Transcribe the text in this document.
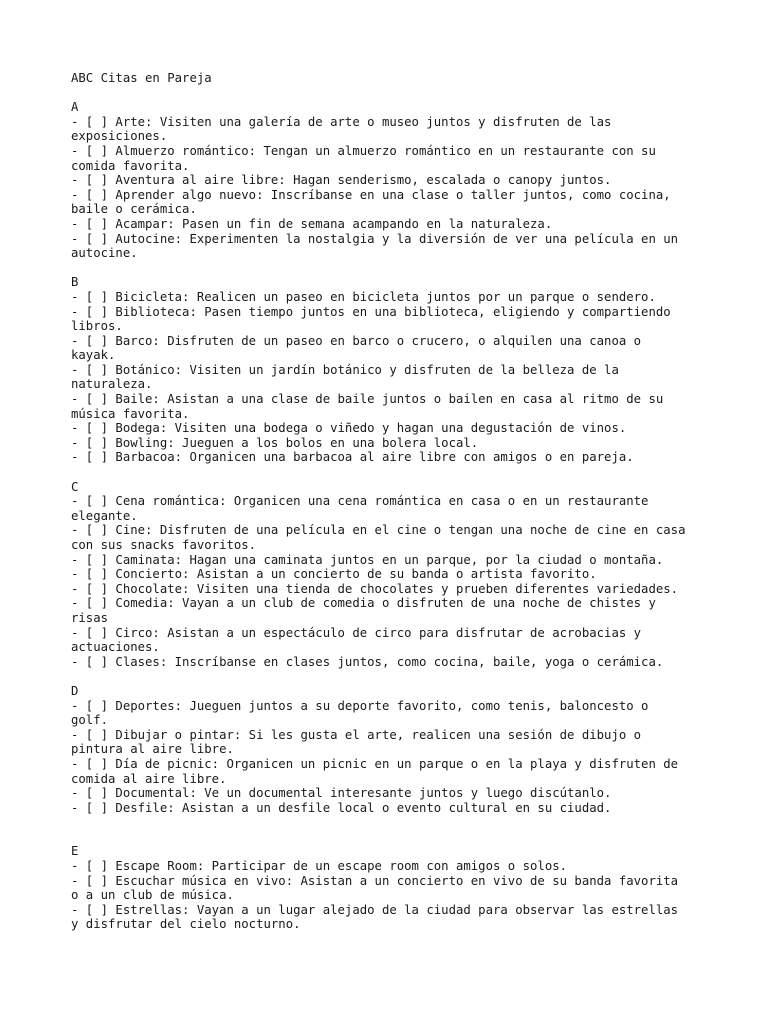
ABC Citas en Pareja
A
- [ ] Arte: Visiten una galería de arte o museo juntos y disfruten de las
exposiciones.
- [ ] Almuerzo romántico: Tengan un almuerzo romántico en un restaurante con su
comida favorita.
- [ ] Aventura al aire libre: Hagan senderismo, escalada o canopy juntos.
- [ ] Aprender algo nuevo: Inscríbanse en una clase o taller juntos, como cocina,
baile o cerámica.
- [ ] Acampar: Pasen un fin de semana acampando en la naturaleza.
- [ ] Autocine: Experimenten la nostalgia y la diversión de ver una película en un
autocine.
B
- [ ] Bicicleta: Realicen un paseo en bicicleta juntos por un parque o sendero.
- [ ] Biblioteca: Pasen tiempo juntos en una biblioteca, eligiendo y compartiendo
libros.
- [ ] Barco: Disfruten de un paseo en barco o crucero, o alquilen una canoa o
kayak.
- [ ] Botánico: Visiten un jardín botánico y disfruten de la belleza de la
naturaleza.
- [ ] Baile: Asistan a una clase de baile juntos o bailen en casa al ritmo de su
música favorita.
- [ ] Bodega: Visiten una bodega o viñedo y hagan una degustación de vinos.
- [ ] Bowling: Jueguen a los bolos en una bolera local.
- [ ] Barbacoa: Organicen una barbacoa al aire libre con amigos o en pareja.
C
- [ ] Cena romántica: Organicen una cena romántica en casa o en un restaurante
elegante.
- [ ] Cine: Disfruten de una película en el cine o tengan una noche de cine en casa
con sus snacks favoritos.
- [ ] Caminata: Hagan una caminata juntos en un parque, por la ciudad o montaña.
- [ ] Concierto: Asistan a un concierto de su banda o artista favorito.
- [ ] Chocolate: Visiten una tienda de chocolates y prueben diferentes variedades.
- [ ] Comedia: Vayan a un club de comedia o disfruten de una noche de chistes y
risas
- [ ] Circo: Asistan a un espectáculo de circo para disfrutar de acrobacias y
actuaciones.
- [ ] Clases: Inscríbanse en clases juntos, como cocina, baile, yoga o cerámica.
D
- [ ] Deportes: Jueguen juntos a su deporte favorito, como tenis, baloncesto o
golf.
- [ ] Dibujar o pintar: Si les gusta el arte, realicen una sesión de dibujo o
pintura al aire libre.
- [ ] Día de picnic: Organicen un picnic en un parque o en la playa y disfruten de
comida al aire libre.
- [ ] Documental: Ve un documental interesante juntos y luego discútanlo.
- [ ] Desfile: Asistan a un desfile local o evento cultural en su ciudad.
E
- [ ] Escape Room: Participar de un escape room con amigos o solos.
- [ ] Escuchar música en vivo: Asistan a un concierto en vivo de su banda favorita
o a un club de música.
- [ ] Estrellas: Vayan a un lugar alejado de la ciudad para observar las estrellas
y disfrutar del cielo nocturno.
